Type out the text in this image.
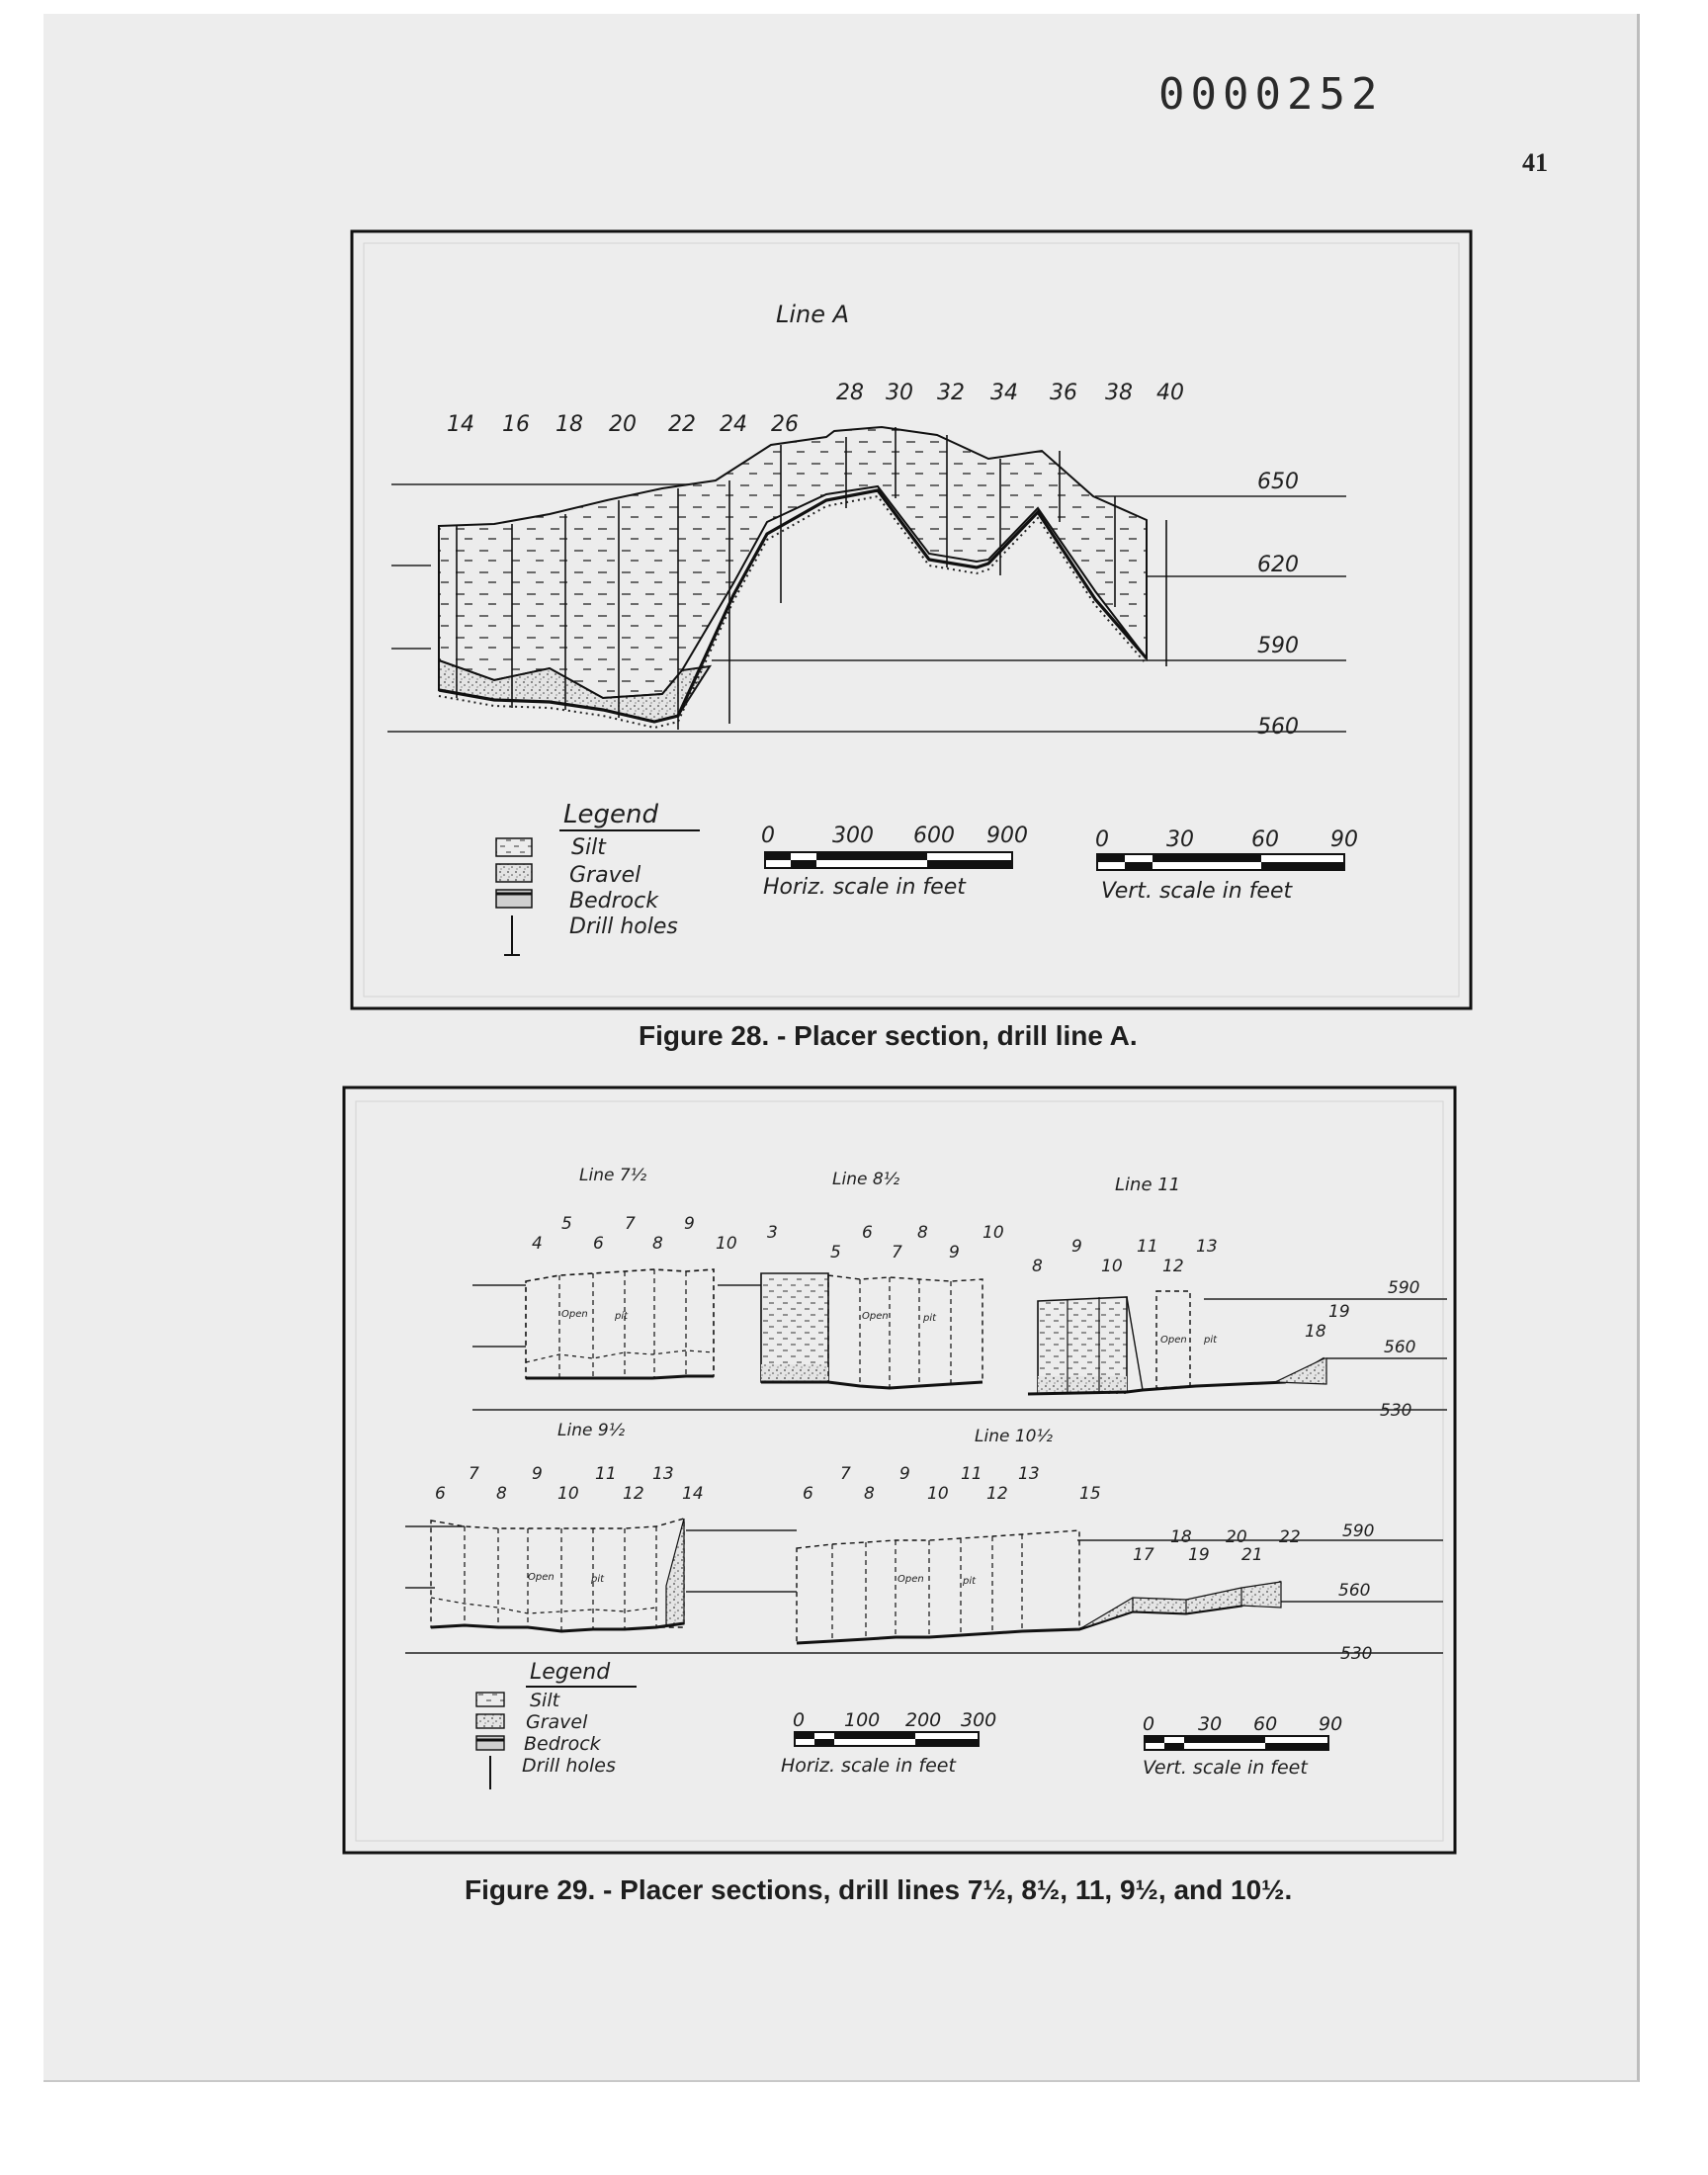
0000252
41
Line A
14 16 18 20 22 24 26
28 30 32 34 36 38 40
650
620
590
560
Legend
Silt
Gravel
Bedrock
Drill holes
0	300 600 900
Horiz. scale in feet
0	30	60 90
Vert. scale in feet
Line 7½	Line 8½	Line 11
Line 9½	Line 10½
4
5
6
7
8
9
10
3
5
6
7
8
9
10
8
9
10
11
12
13
18
19
6
7
8
9
10
11
12
13
14	6
7
8
9
10
11
12
13
15
18
17
20
19
22
21
590
560
530
Open	pit	Open	pit
Open pit
590
560
530
Open	pit	Open	pit
Legend
Silt
Gravel
Bedrock
Drill holes
0 100 200 300
Horiz. scale in feet
0 30 60 90
Vert. scale in feet
Figure 28. - Placer section, drill line A.
Figure 29. - Placer sections, drill lines 7½, 8½, 11, 9½, and 10½.
